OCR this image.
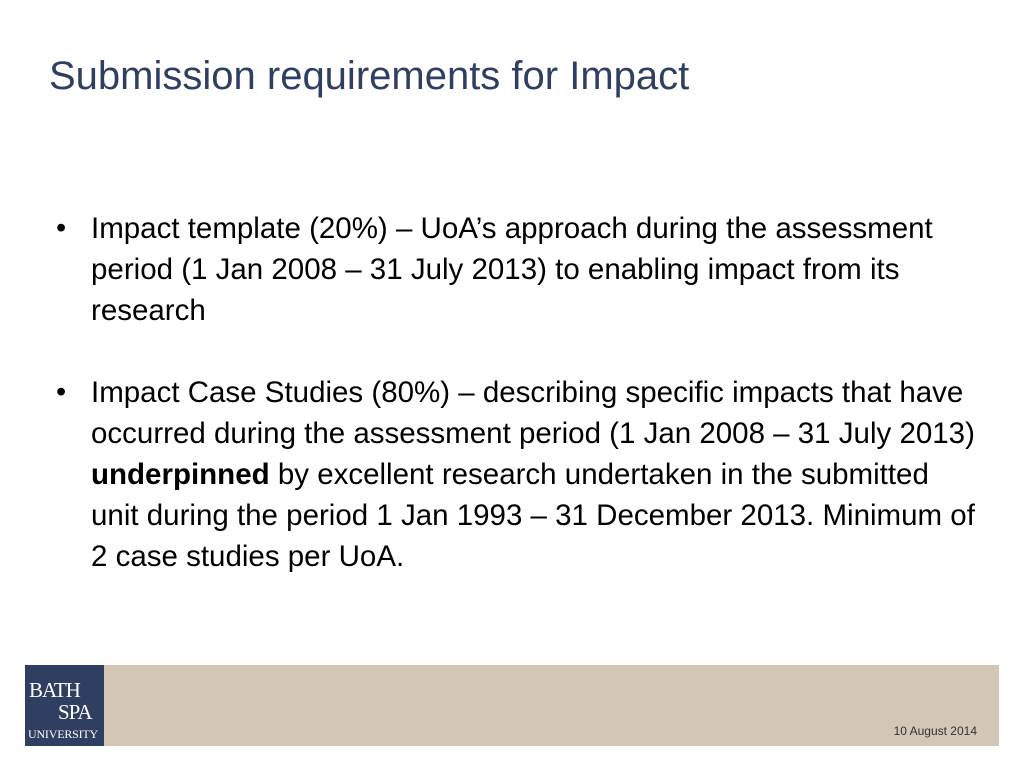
Submission requirements for Impact
• Impact template (20%) – UoA’s approach during the assessment period (1 Jan 2008 – 31 July 2013) to enabling impact from its research
• Impact Case Studies (80%) – describing specific impacts that have occurred during the assessment period (1 Jan 2008 – 31 July 2013) underpinned by excellent research undertaken in the submitted unit during the period 1 Jan 1993 – 31 December 2013. Minimum of 2 case studies per UoA.
BATH
SPA
UNIVERSITY	10 August 2014
